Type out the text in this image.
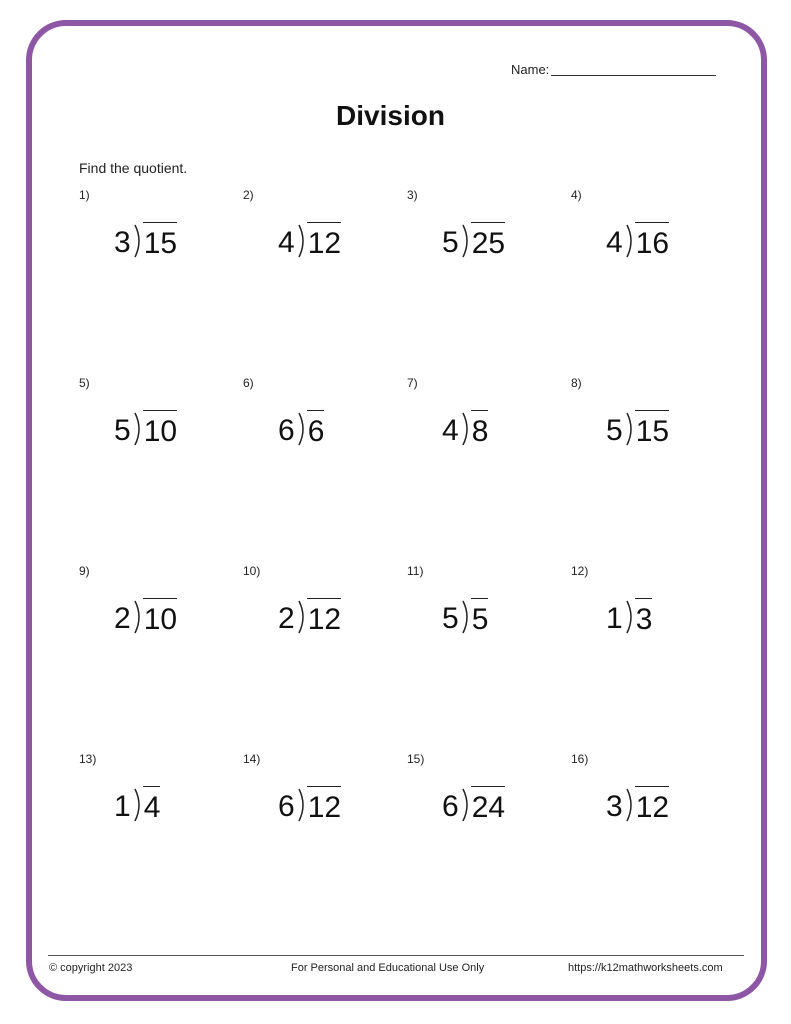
Name:
Division
Find the quotient.
1)
3 15
2)
4 12
3)
5 25
4)
4 16
5)
5 10
6)
6 6
7)
4 8
8)
5 15
9)
2 10
10)
2 12
11)
5 5
12)
1 3
13)
1 4
14)
6 12
15)
6 24
16)
3 12
© copyright 2023	For Personal and Educational Use Only	https://k12mathworksheets.com
